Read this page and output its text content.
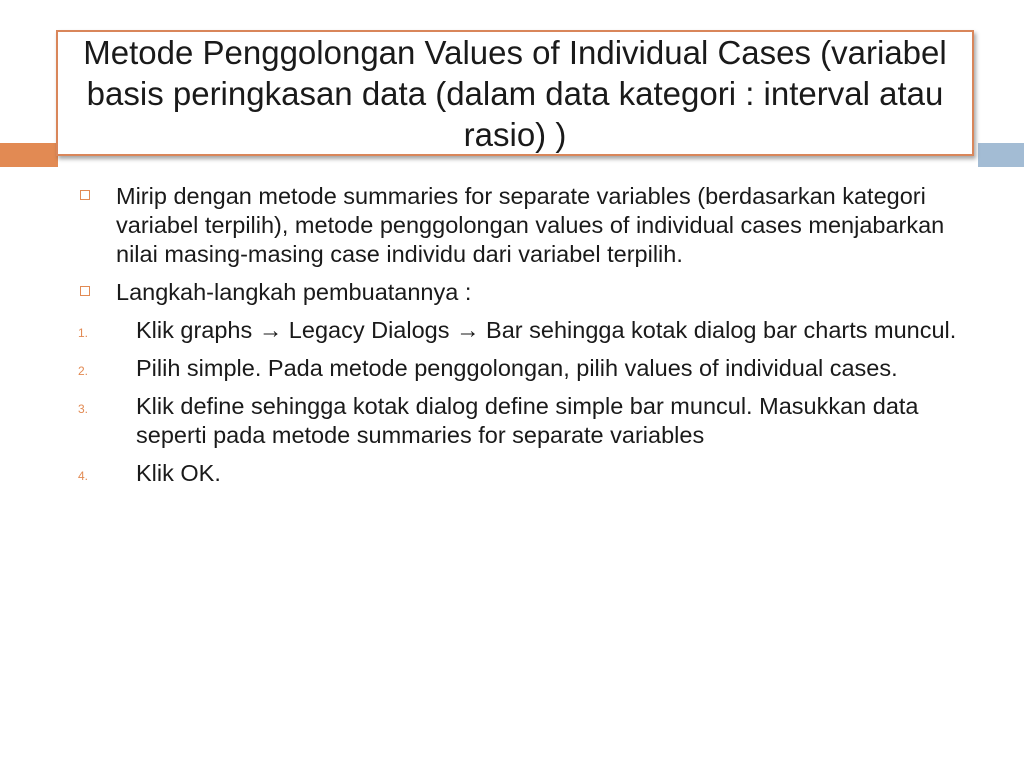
Metode Penggolongan Values of Individual Cases (variabel basis peringkasan data (dalam data kategori : interval atau rasio) )

Mirip dengan metode summaries for separate variables (berdasarkan kategori variabel terpilih), metode penggolongan values of individual cases menjabarkan nilai masing-masing case individu dari variabel terpilih.
Langkah-langkah pembuatannya :
1. Klik graphs → Legacy Dialogs → Bar sehingga kotak dialog bar charts muncul.
2. Pilih simple. Pada metode penggolongan, pilih values of individual cases.
3. Klik define sehingga kotak dialog define simple bar muncul. Masukkan data seperti pada metode summaries for separate variables
4. Klik OK.
